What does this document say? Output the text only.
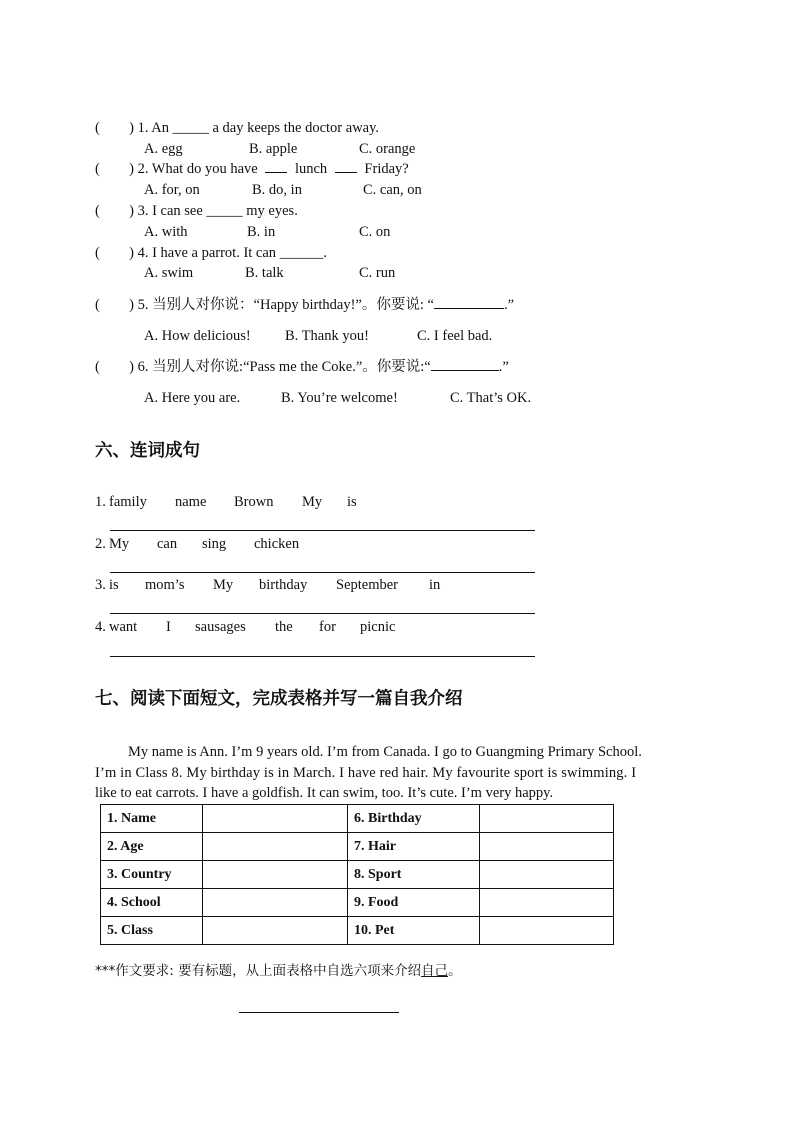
( ) 1. An _____ a day keeps the doctor away.
A. egg	B. apple	C. orange
( ) 2. What do you have	lunch	Friday?
A. for, on	B. do, in	C. can, on
( ) 3. I can see _____ my eyes.
A. with	B. in	C. on
( ) 4. I have a parrot. It can ______.
A. swim	B. talk	C. run
( ) 5. 当别人对你说：“Happy birthday!”。你要说: “	.”
A. How delicious! B. Thank you!	C. I feel bad.
( ) 6. 当别人对你说:“Pass me the Coke.”。你要说:“	.”
A. Here you are.	B. You’re welcome!	C. That’s OK.
六、连词成句
1. family name Brown My is
2. My can sing chicken
3. is mom’s My birthday September in
4. want I sausages the for picnic
七、阅读下面短文，完成表格并写一篇自我介绍
My name is Ann. I’m 9 years old. I’m from Canada. I go to Guangming Primary School.
I’m in Class 8. My birthday is in March. I have red hair. My favourite sport is swimming. I
like to eat carrots. I have a goldfish. It can swim, too. It’s cute. I’m very happy.
1. Name		6. Birthday	
2. Age		7. Hair	
3. Country		8. Sport	
4. School		9. Food	
5. Class		10. Pet	
***作文要求: 要有标题，从上面表格中自选六项来介绍自己。
